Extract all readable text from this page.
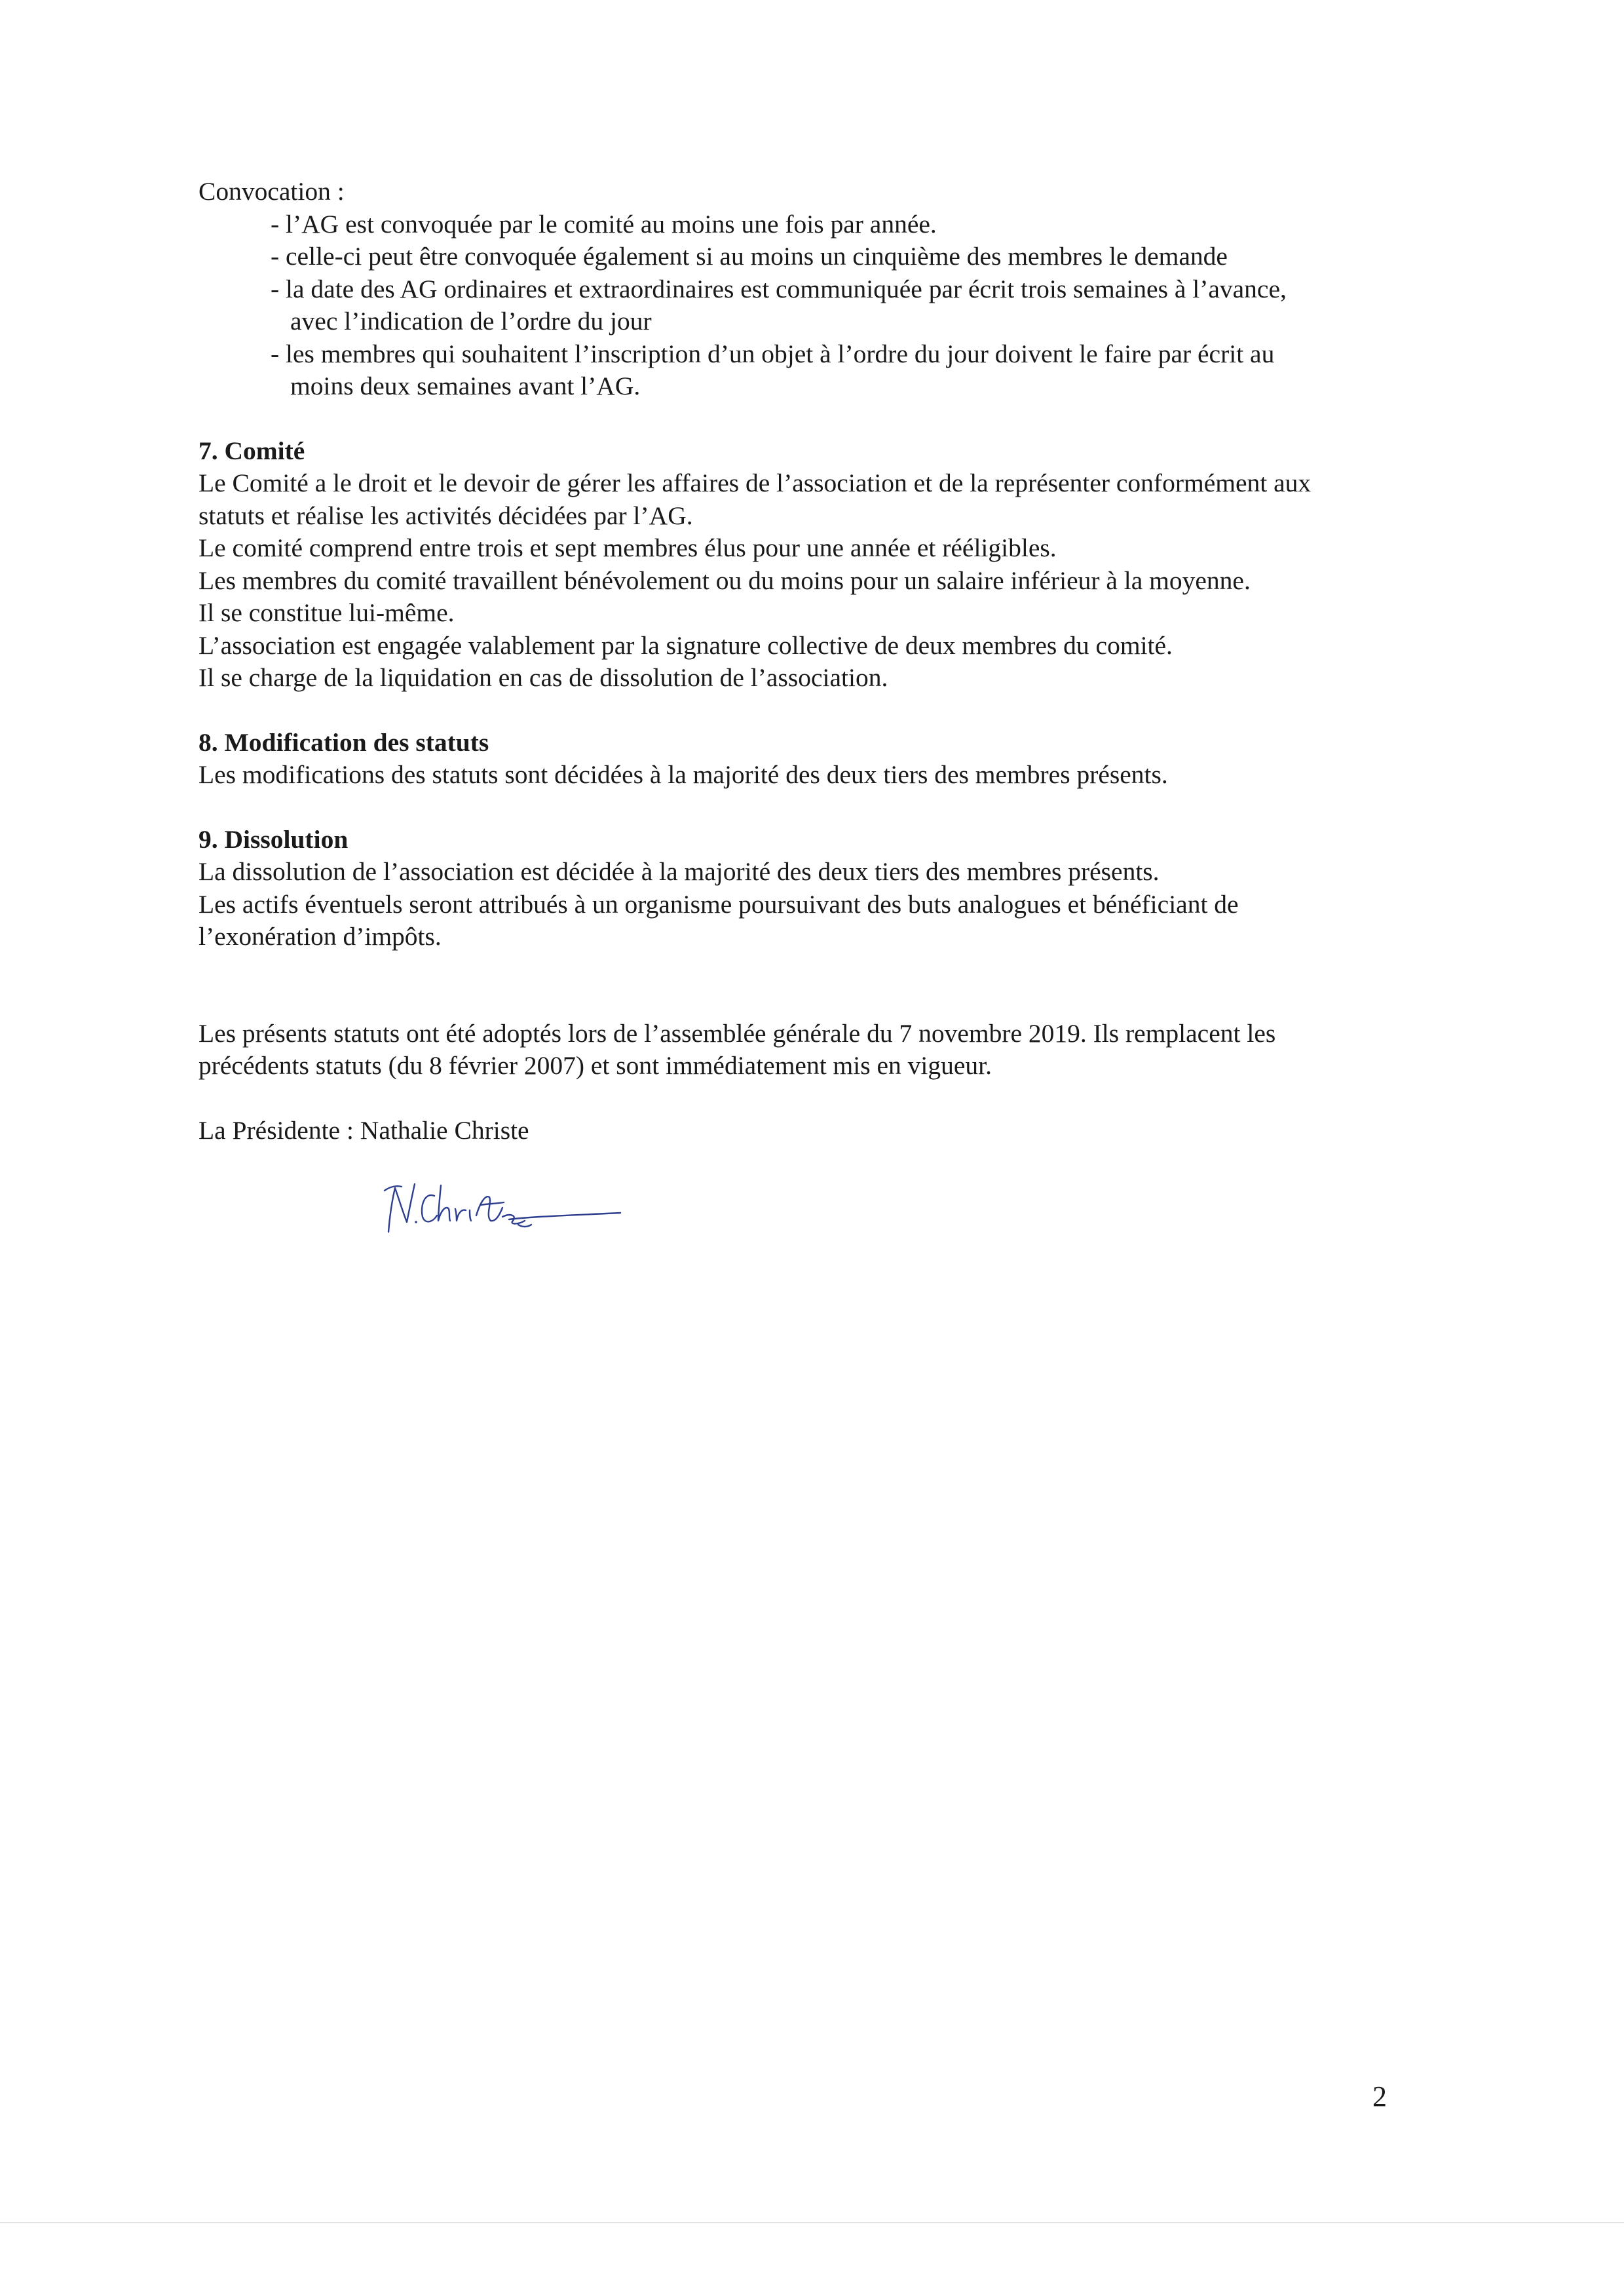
Convocation :
- l’AG est convoquée par le comité au moins une fois par année.
- celle-ci peut être convoquée également si au moins un cinquième des membres le demande
- la date des AG ordinaires et extraordinaires est communiquée par écrit trois semaines à l’avance,
avec l’indication de l’ordre du jour
- les membres qui souhaitent l’inscription d’un objet à l’ordre du jour doivent le faire par écrit au
moins deux semaines avant l’AG.
7. Comité
Le Comité a le droit et le devoir de gérer les affaires de l’association et de la représenter conformément aux
statuts et réalise les activités décidées par l’AG.
Le comité comprend entre trois et sept membres élus pour une année et rééligibles.
Les membres du comité travaillent bénévolement ou du moins pour un salaire inférieur à la moyenne.
Il se constitue lui-même.
L’association est engagée valablement par la signature collective de deux membres du comité.
Il se charge de la liquidation en cas de dissolution de l’association.
8. Modification des statuts
Les modifications des statuts sont décidées à la majorité des deux tiers des membres présents.
9. Dissolution
La dissolution de l’association est décidée à la majorité des deux tiers des membres présents.
Les actifs éventuels seront attribués à un organisme poursuivant des buts analogues et bénéficiant de
l’exonération d’impôts.
Les présents statuts ont été adoptés lors de l’assemblée générale du 7 novembre 2019. Ils remplacent les
précédents statuts (du 8 février 2007) et sont immédiatement mis en vigueur.
La Présidente : Nathalie Christe
2
